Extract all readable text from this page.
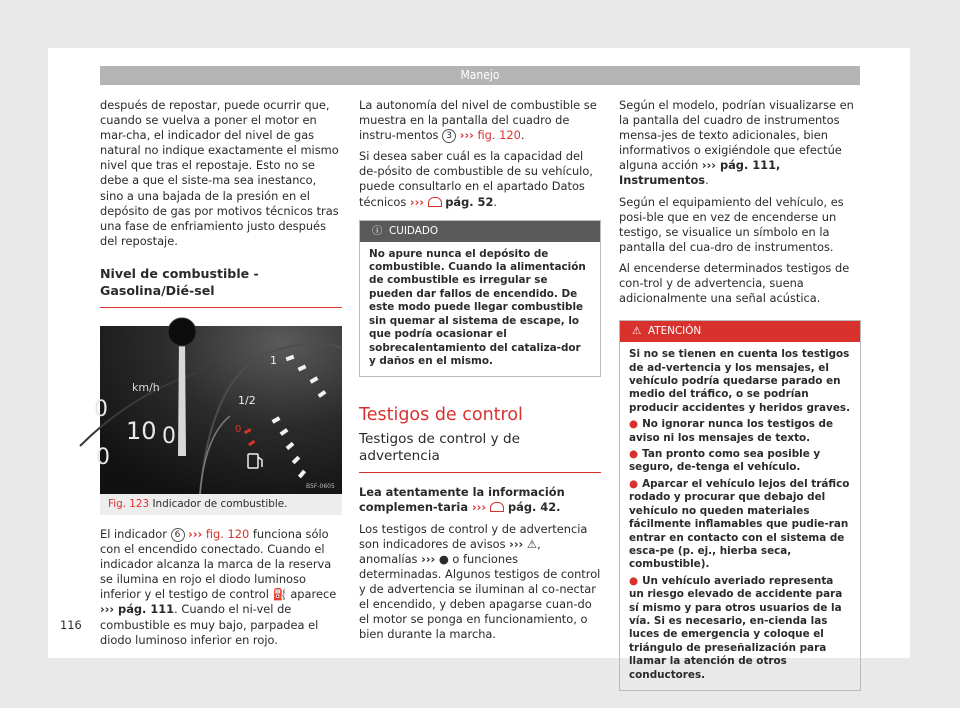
Manejo

después de repostar, puede ocurrir que, cuando se vuelva a poner el motor en mar-cha, el indicador del nivel de gas natural no indique exactamente el mismo nivel que tras el repostaje. Esto no se debe a que el siste-ma sea inestanco, sino a una bajada de la presión en el depósito de gas por motivos técnicos tras una fase de enfriamiento justo después del repostaje.

Nivel de combustible - Gasolina/Dié-sel
km/h
10
0
0
0
1
1/2
0
B5F-0605
Fig. 123 Indicador de combustible.

El indicador 6 ››› fig. 120 funciona sólo con el encendido conectado. Cuando el indicador alcanza la marca de la reserva se ilumina en rojo el diodo luminoso inferior y el testigo de control ⛽ aparece ››› pág. 111. Cuando el ni-vel de combustible es muy bajo, parpadea el diodo luminoso inferior en rojo.

La autonomía del nivel de combustible se muestra en la pantalla del cuadro de instru-mentos 3 ››› fig. 120.

Si desea saber cuál es la capacidad del de-pósito de combustible de su vehículo, puede consultarlo en el apartado Datos técnicos ››› pág. 52.

ⓘ CUIDADO
No apure nunca el depósito de combustible. Cuando la alimentación de combustible es irregular se pueden dar fallos de encendido. De este modo puede llegar combustible sin quemar al sistema de escape, lo que podría ocasionar el sobrecalentamiento del cataliza-dor y daños en el mismo.
Testigos de control
Testigos de control y de advertencia

Lea atentamente la información complemen-taria ››› pág. 42.

Los testigos de control y de advertencia son indicadores de avisos ››› ⚠, anomalías ››› ● o funciones determinadas. Algunos testigos de control y de advertencia se iluminan al co-nectar el encendido, y deben apagarse cuan-do el motor se ponga en funcionamiento, o bien durante la marcha.

Según el modelo, podrían visualizarse en la pantalla del cuadro de instrumentos mensa-jes de texto adicionales, bien informativos o exigiéndole que efectúe alguna acción ››› pág. 111, Instrumentos.

Según el equipamiento del vehículo, es posi-ble que en vez de encenderse un testigo, se visualice un símbolo en la pantalla del cua-dro de instrumentos.

Al encenderse determinados testigos de con-trol y de advertencia, suena adicionalmente una señal acústica.

⚠ ATENCIÓN
Si no se tienen en cuenta los testigos de ad-vertencia y los mensajes, el vehículo podría quedarse parado en medio del tráfico, o se podrían producir accidentes y heridos graves.
● No ignorar nunca los testigos de aviso ni los mensajes de texto.
● Tan pronto como sea posible y seguro, de-tenga el vehículo.
● Aparcar el vehículo lejos del tráfico rodado y procurar que debajo del vehículo no queden materiales fácilmente inflamables que pudie-ran entrar en contacto con el sistema de esca-pe (p. ej., hierba seca, combustible).
● Un vehículo averiado representa un riesgo elevado de accidente para sí mismo y para otros usuarios de la vía. Si es necesario, en-cienda las luces de emergencia y coloque el triángulo de preseñalización para llamar la atención de otros conductores.
116
